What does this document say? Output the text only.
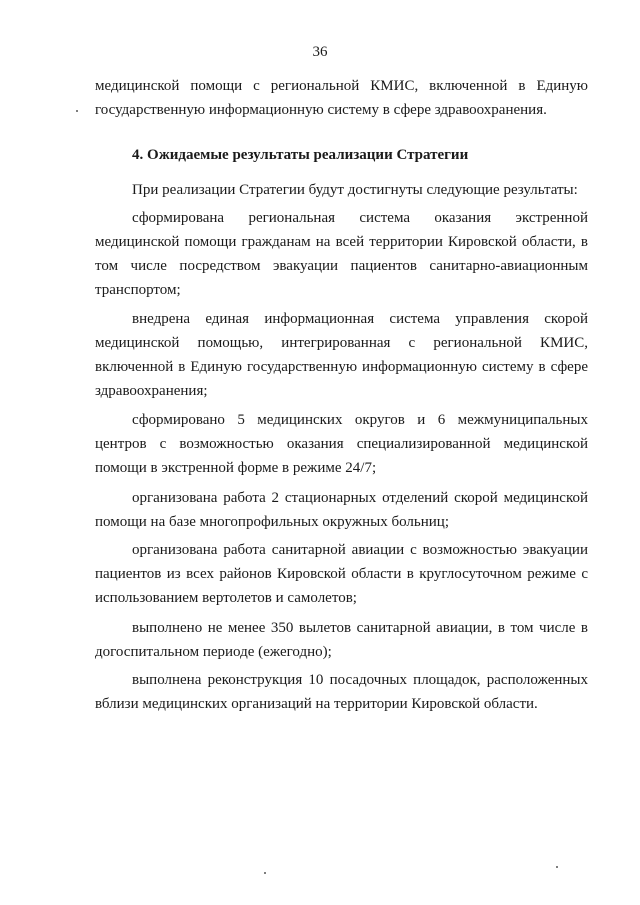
36

медицинской помощи с региональной КМИС, включенной в Единую государственную информационную систему в сфере здравоохранения.

4. Ожидаемые результаты реализации Стратегии

При реализации Стратегии будут достигнуты следующие результаты:

сформирована региональная система оказания экстренной медицинской помощи гражданам на всей территории Кировской области, в том числе посредством эвакуации пациентов санитарно-авиационным транспортом;

внедрена единая информационная система управления скорой медицинской помощью, интегрированная с региональной КМИС, включенной в Единую государственную информационную систему в сфере здравоохранения;

сформировано 5 медицинских округов и 6 межмуниципальных центров с возможностью оказания специализированной медицинской помощи в экстренной форме в режиме 24/7;

организована работа 2 стационарных отделений скорой медицинской помощи на базе многопрофильных окружных больниц;

организована работа санитарной авиации с возможностью эвакуации пациентов из всех районов Кировской области в круглосуточном режиме с использованием вертолетов и самолетов;

выполнено не менее 350 вылетов санитарной авиации, в том числе в догоспитальном периоде (ежегодно);

выполнена реконструкция 10 посадочных площадок, расположенных вблизи медицинских организаций на территории Кировской области.
